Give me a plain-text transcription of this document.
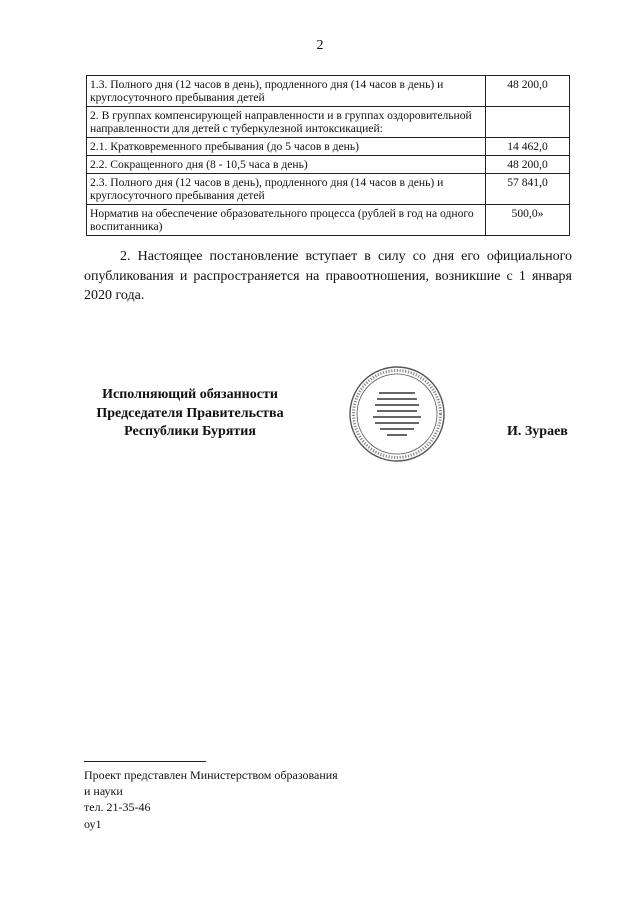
2
1.3. Полного дня (12 часов в день), продленного дня (14 часов в день) и круглосуточного пребывания детей	48 200,0
2. В группах компенсирующей направленности и в группах оздоровительной направленности для детей с туберкулезной интоксикацией:	
2.1. Кратковременного пребывания (до 5 часов в день)	14 462,0
2.2. Сокращенного дня (8 - 10,5 часа в день)	48 200,0
2.3. Полного дня (12 часов в день), продленного дня (14 часов в день) и круглосуточного пребывания детей	57 841,0
Норматив на обеспечение образовательного процесса (рублей в год на одного воспитанника)	500,0»
2. Настоящее постановление вступает в силу со дня его официального опубликования и распространяется на правоотношения, возникшие с 1 января 2020 года.
Исполняющий обязанности
Председателя Правительства
Республики Бурятия	И. Зураев
Проект представлен Министерством образования
и науки
тел. 21-35-46
оу1
